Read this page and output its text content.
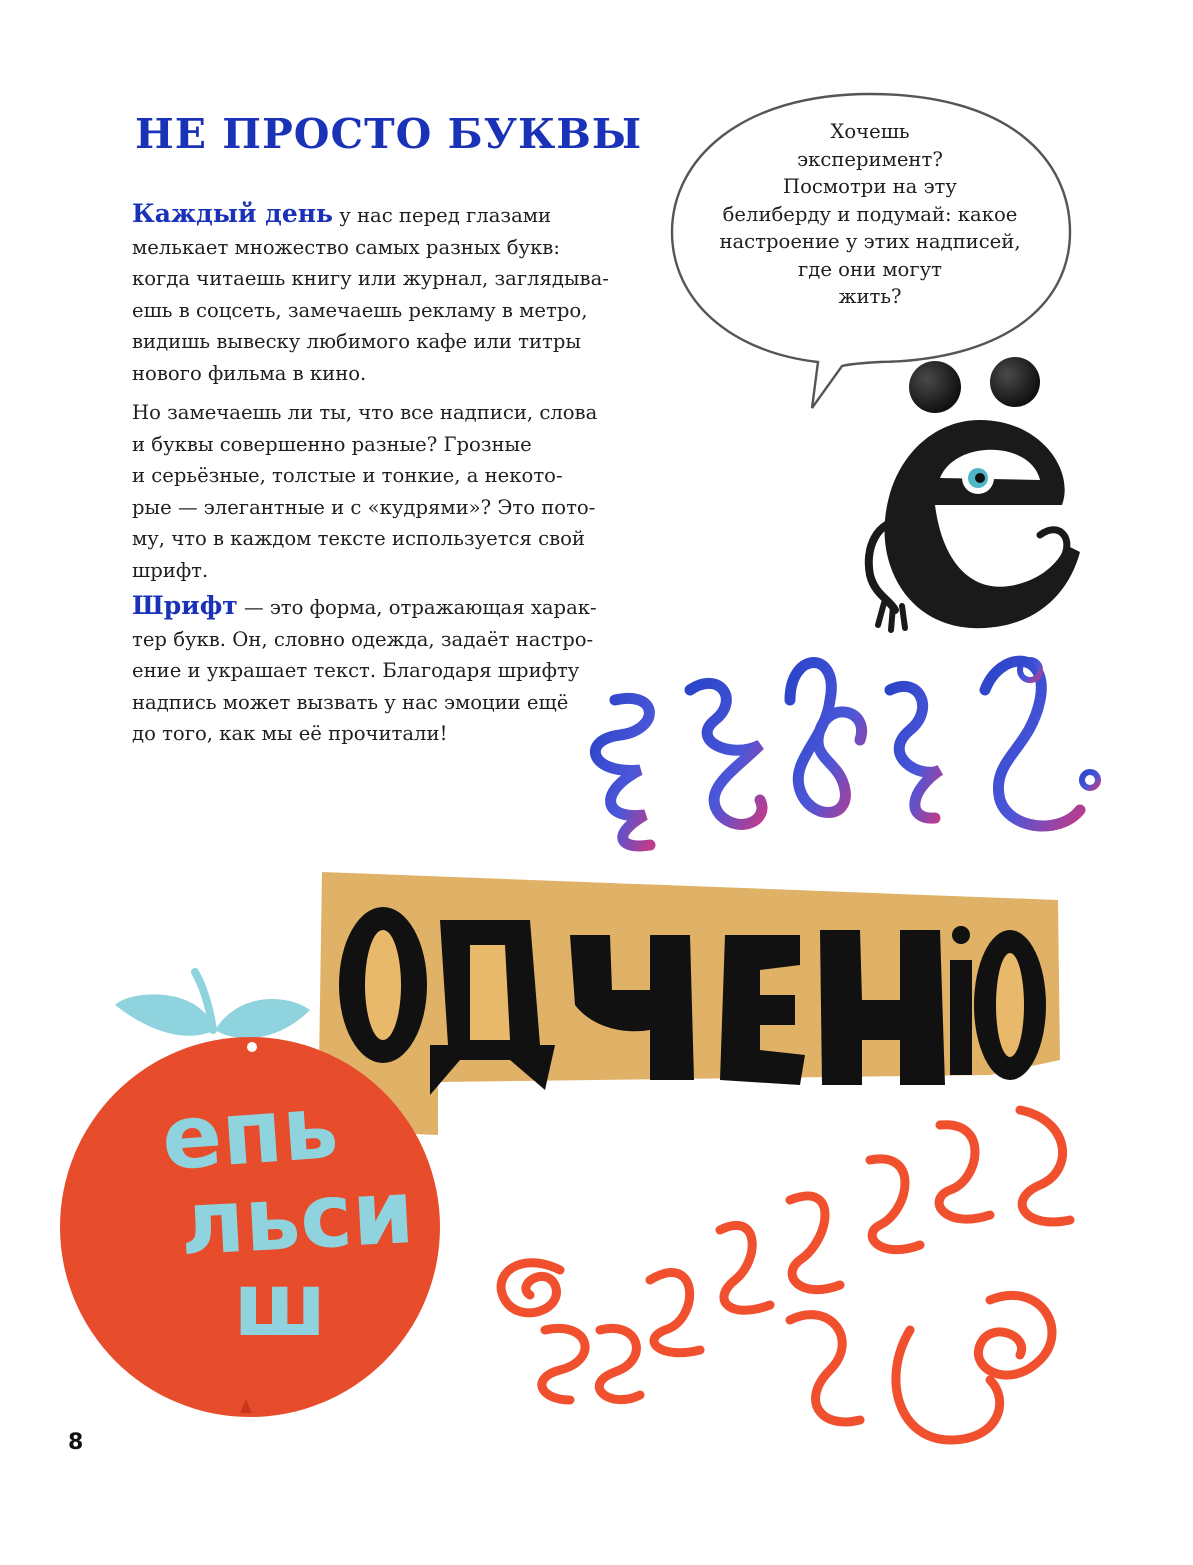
епь
льси
ш
НЕ ПРОСТО БУКВЫ
Каждый день у нас перед глазами
мелькает множество самых разных букв:
когда читаешь книгу или журнал, заглядыва-
ешь в соцсеть, замечаешь рекламу в метро,
видишь вывеску любимого кафе или титры
нового фильма в кино.
Но замечаешь ли ты, что все надписи, слова
и буквы совершенно разные? Грозные
и серьёзные, толстые и тонкие, а некото-
рые — элегантные и с «кудрями»? Это пото-
му, что в каждом тексте используется свой
шрифт.
Шрифт — это форма, отражающая харак-
тер букв. Он, словно одежда, задаёт настро-
ение и украшает текст. Благодаря шрифту
надпись может вызвать у нас эмоции ещё
до того, как мы её прочитали!
Хочешь
эксперимент?
Посмотри на эту
белиберду и подумай: какое
настроение у этих надписей,
где они могут
жить?
8
